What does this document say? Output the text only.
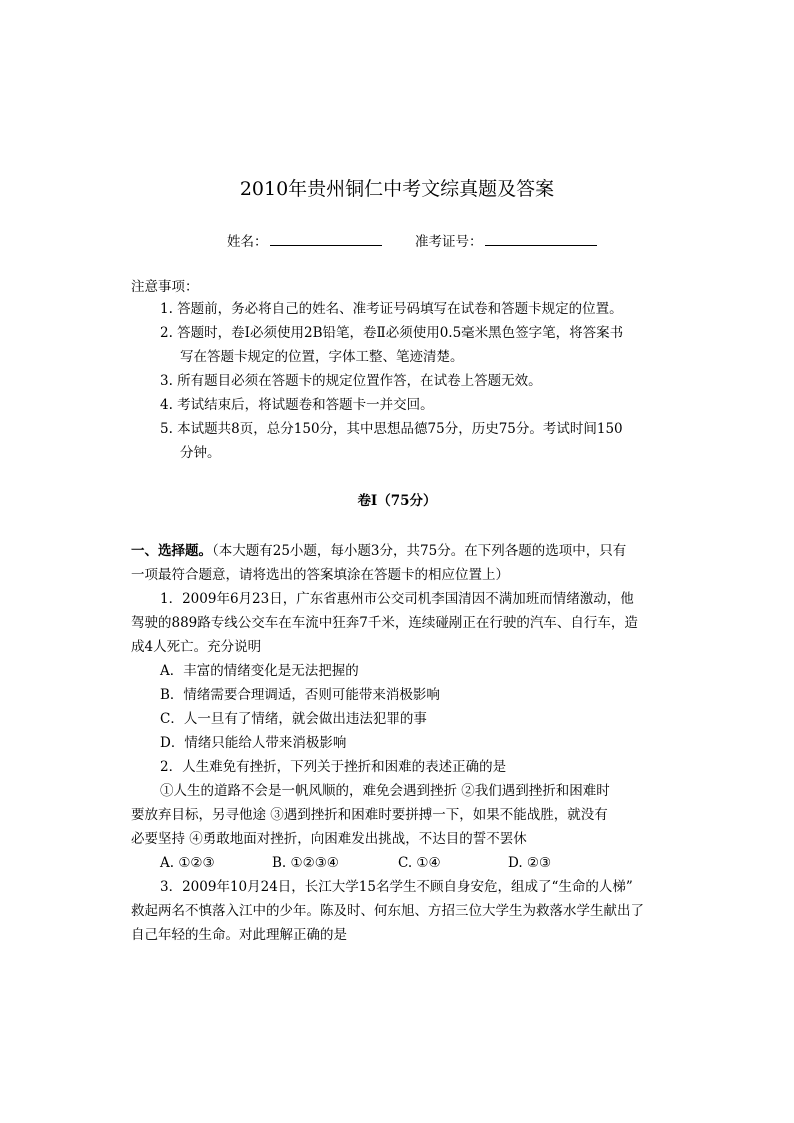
2010年贵州铜仁中考文综真题及答案
姓名：	准考证号：
注意事项：
1. 答题前，务必将自己的姓名、准考证号码填写在试卷和答题卡规定的位置。
2. 答题时，卷Ⅰ必须使用2B铅笔，卷Ⅱ必须使用0.5毫米黑色签字笔，将答案书
写在答题卡规定的位置，字体工整、笔迹清楚。
3. 所有题目必须在答题卡的规定位置作答，在试卷上答题无效。
4. 考试结束后，将试题卷和答题卡一并交回。
5. 本试题共8页，总分150分，其中思想品德75分，历史75分。考试时间150
分钟。
卷Ⅰ（75分）
一、选择题。（本大题有25小题，每小题3分，共75分。在下列各题的选项中，只有
一项最符合题意，请将选出的答案填涂在答题卡的相应位置上）
1．2009年6月23日，广东省惠州市公交司机李国清因不满加班而情绪激动，他
驾驶的889路专线公交车在车流中狂奔7千米，连续碰剐正在行驶的汽车、自行车，造
成4人死亡。充分说明
A．丰富的情绪变化是无法把握的
B．情绪需要合理调适，否则可能带来消极影响
C．人一旦有了情绪，就会做出违法犯罪的事
D．情绪只能给人带来消极影响
2．人生难免有挫折，下列关于挫折和困难的表述正确的是
①人生的道路不会是一帆风顺的，难免会遇到挫折 ②我们遇到挫折和困难时
要放弃目标，另寻他途 ③遇到挫折和困难时要拼搏一下，如果不能战胜，就没有
必要坚持 ④勇敢地面对挫折，向困难发出挑战，不达目的誓不罢休
A. ①②③	B. ①②③④	C. ①④	D. ②③
3．2009年10月24日，长江大学15名学生不顾自身安危，组成了“生命的人梯”
救起两名不慎落入江中的少年。陈及时、何东旭、方招三位大学生为救落水学生献出了
自己年轻的生命。对此理解正确的是
